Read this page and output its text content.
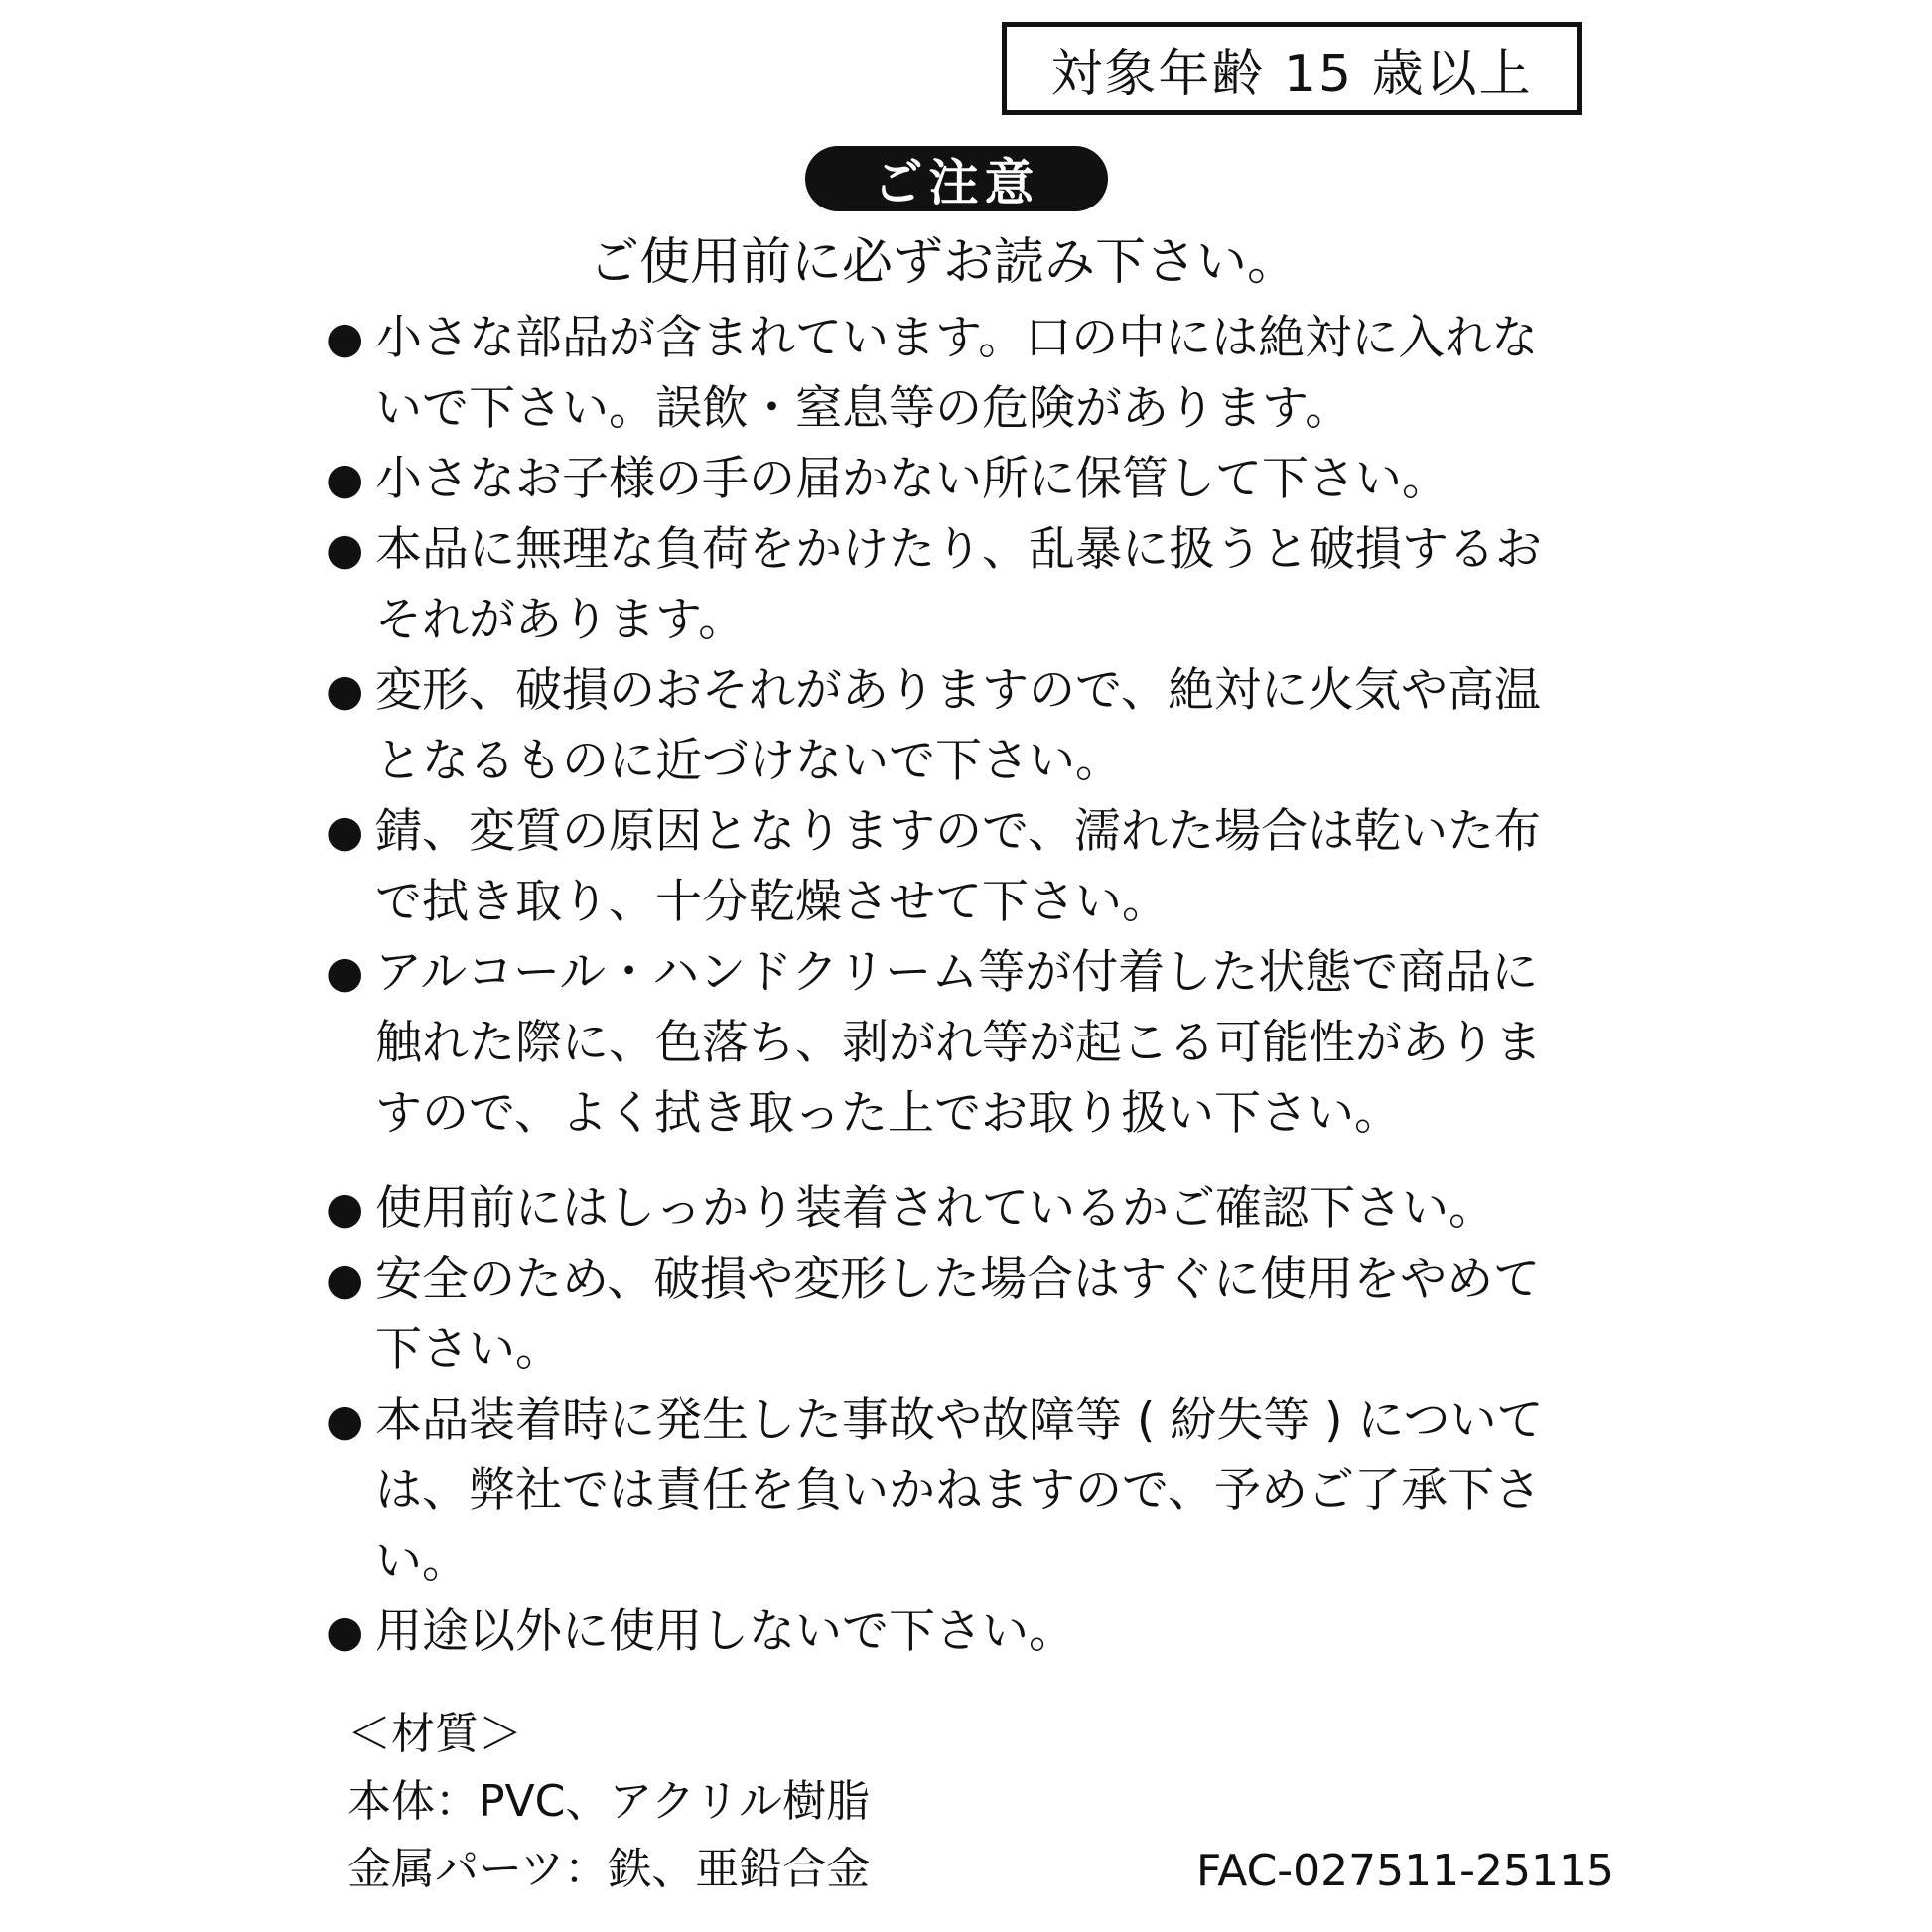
対象年齢 15 歳以上
ご注意
ご使用前に必ずお読み下さい。
● 小さな部品が含まれています。口の中には絶対に入れないで下さい。誤飲・窒息等の危険があります。
● 小さなお子様の手の届かない所に保管して下さい。
● 本品に無理な負荷をかけたり、乱暴に扱うと破損するおそれがあります。
● 変形、破損のおそれがありますので、絶対に火気や高温となるものに近づけないで下さい。
● 錆、変質の原因となりますので、濡れた場合は乾いた布で拭き取り、十分乾燥させて下さい。
● アルコール・ハンドクリーム等が付着した状態で商品に触れた際に、色落ち、剥がれ等が起こる可能性がありますので、よく拭き取った上でお取り扱い下さい。
● 使用前にはしっかり装着されているかご確認下さい。
● 安全のため、破損や変形した場合はすぐに使用をやめて下さい。
● 本品装着時に発生した事故や故障等 ( 紛失等 ) については、弊社では責任を負いかねますので、予めご了承下さい。
● 用途以外に使用しないで下さい。
＜材質＞
本体：PVC、アクリル樹脂
金属パーツ：鉄、亜鉛合金	FAC-027511-25115
